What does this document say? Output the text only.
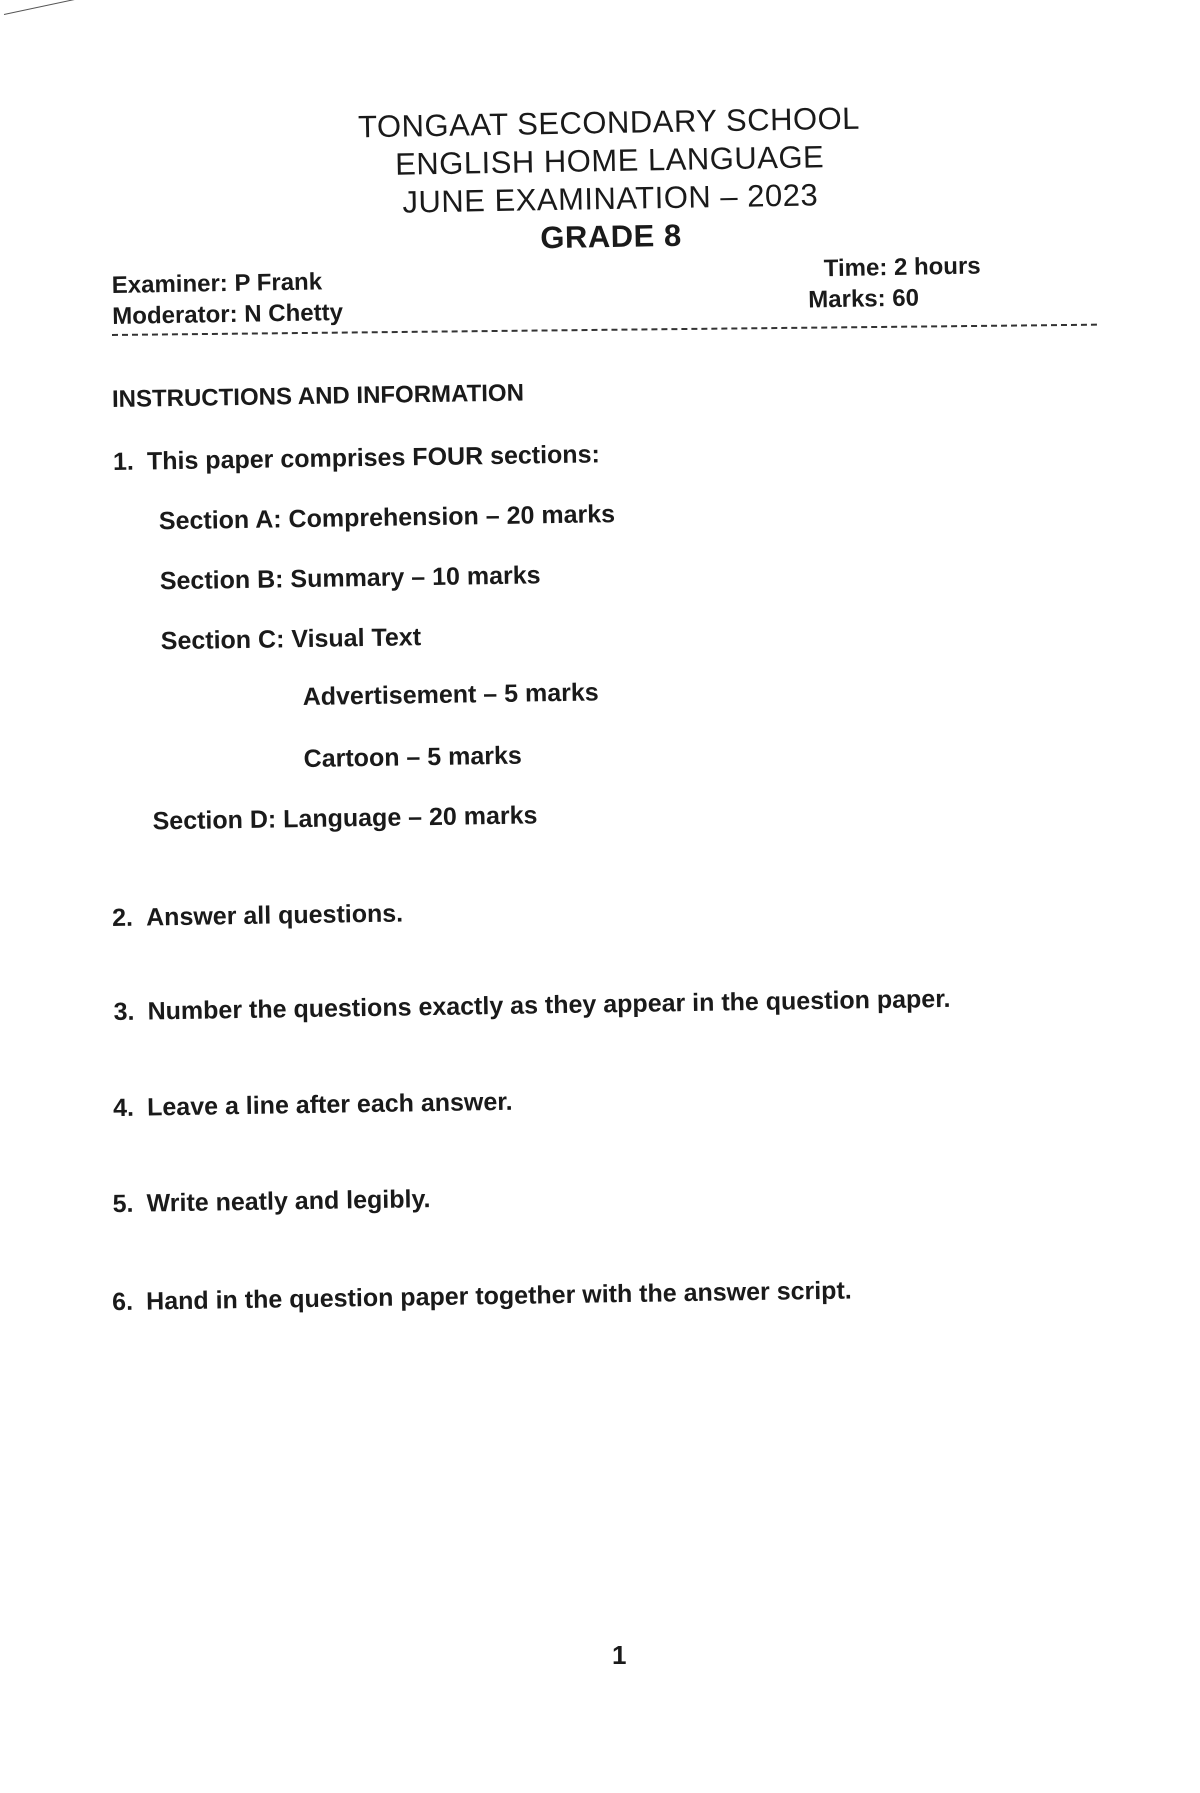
TONGAAT SECONDARY SCHOOL
ENGLISH HOME LANGUAGE
JUNE EXAMINATION – 2023
GRADE 8
Examiner: P Frank
Moderator: N Chetty
Time: 2 hours
Marks: 60
INSTRUCTIONS AND INFORMATION
1. This paper comprises FOUR sections:
Section A: Comprehension – 20 marks
Section B: Summary – 10 marks
Section C: Visual Text
Advertisement – 5 marks
Cartoon – 5 marks
Section D: Language – 20 marks
2. Answer all questions.
3. Number the questions exactly as they appear in the question paper.
4. Leave a line after each answer.
5. Write neatly and legibly.
6. Hand in the question paper together with the answer script.
1
